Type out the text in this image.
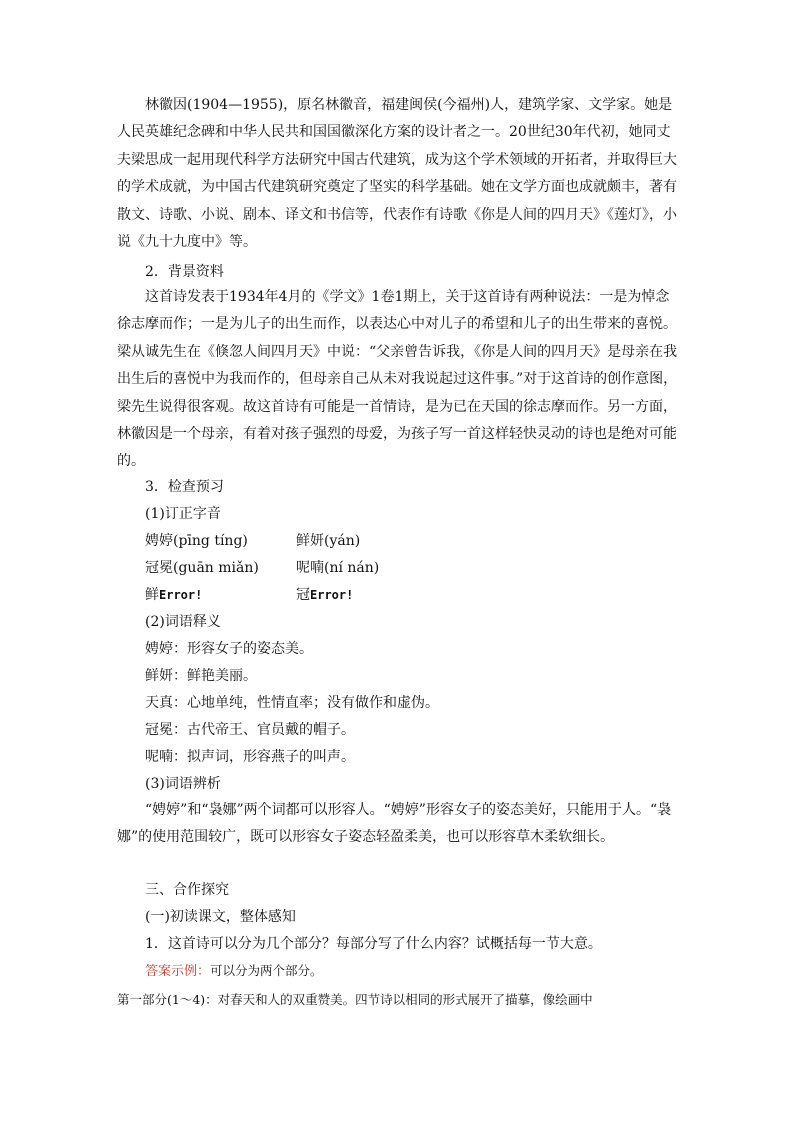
林徽因(1904—1955)，原名林徽音，福建闽侯(今福州)人，建筑学家、文学家。她是人民英雄纪念碑和中华人民共和国国徽深化方案的设计者之一。20世纪30年代初，她同丈夫梁思成一起用现代科学方法研究中国古代建筑，成为这个学术领域的开拓者，并取得巨大的学术成就，为中国古代建筑研究奠定了坚实的科学基础。她在文学方面也成就颇丰，著有散文、诗歌、小说、剧本、译文和书信等，代表作有诗歌《你是人间的四月天》《莲灯》，小说《九十九度中》等。

2．背景资料

这首诗发表于1934年4月的《学文》1卷1期上，关于这首诗有两种说法：一是为悼念徐志摩而作；一是为儿子的出生而作，以表达心中对儿子的希望和儿子的出生带来的喜悦。梁从诚先生在《倏忽人间四月天》中说：“父亲曾告诉我，《你是人间的四月天》是母亲在我出生后的喜悦中为我而作的，但母亲自己从未对我说起过这件事。”对于这首诗的创作意图，梁先生说得很客观。故这首诗有可能是一首情诗，是为已在天国的徐志摩而作。另一方面，林徽因是一个母亲，有着对孩子强烈的母爱，为孩子写一首这样轻快灵动的诗也是绝对可能的。

3．检查预习
(1)订正字音
娉婷(pīng tíng)	鲜妍(yán)
冠冕(guān miǎn)	呢喃(ní nán)
鲜Error!	冠Error!
(2)词语释义
娉婷：形容女子的姿态美。
鲜妍：鲜艳美丽。
天真：心地单纯，性情直率；没有做作和虚伪。
冠冕：古代帝王、官员戴的帽子。
呢喃：拟声词，形容燕子的叫声。
(3)词语辨析

“娉婷”和“袅娜”两个词都可以形容人。“娉婷”形容女子的姿态美好，只能用于人。“袅娜”的使用范围较广，既可以形容女子姿态轻盈柔美，也可以形容草木柔软细长。

三、合作探究
(一)初读课文，整体感知
1．这首诗可以分为几个部分？每部分写了什么内容？试概括每一节大意。
答案示例：可以分为两个部分。
第一部分(1～4)：对春天和人的双重赞美。四节诗以相同的形式展开了描摹，像绘画中
